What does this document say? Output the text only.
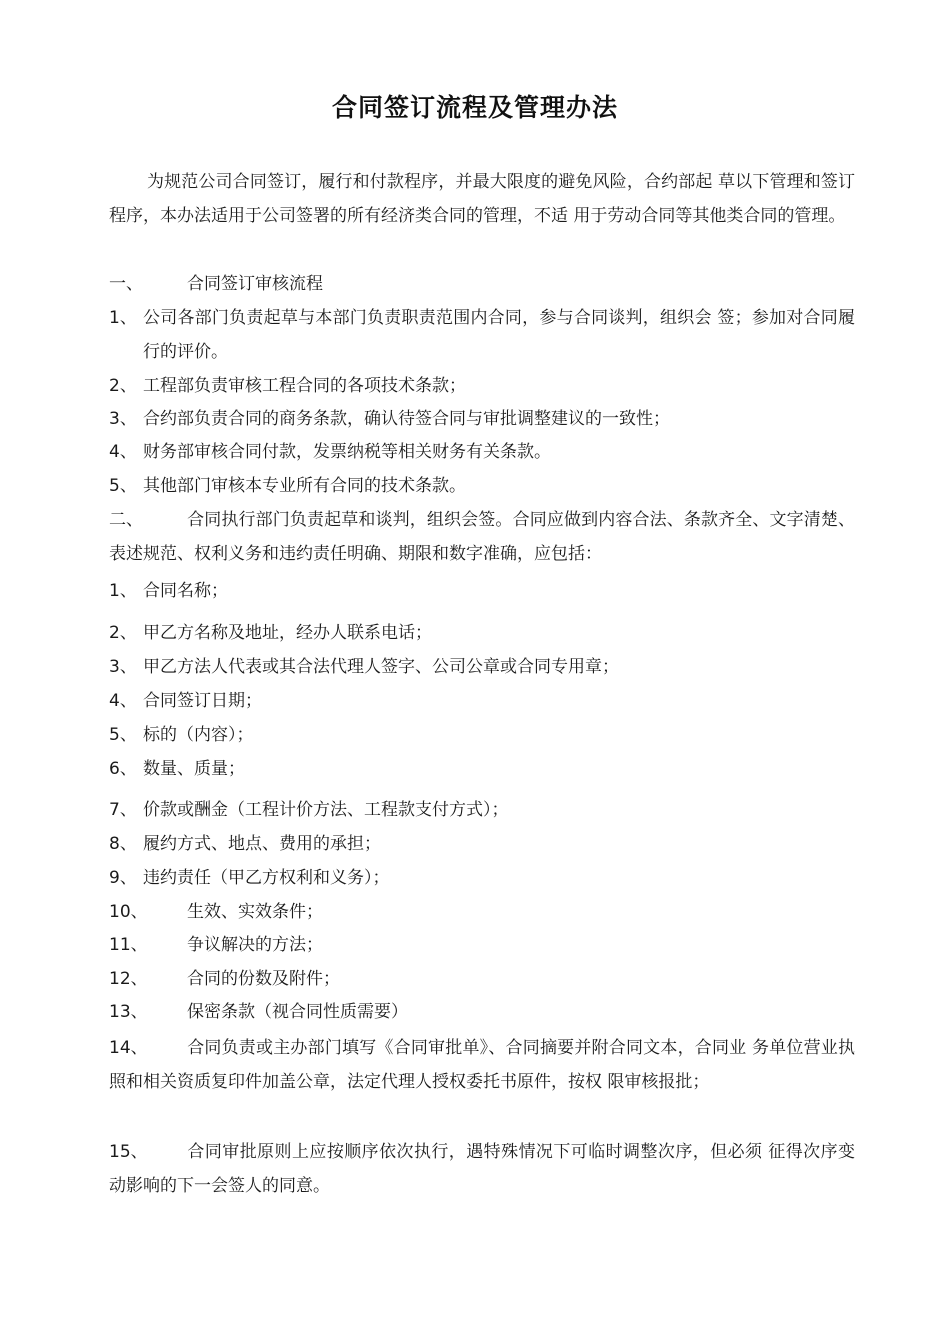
合同签订流程及管理办法
为规范公司合同签订，履行和付款程序，并最大限度的避免风险，合约部起 草以下管理和签订程序，本办法适用于公司签署的所有经济类合同的管理，不适 用于劳动合同等其他类合同的管理。
一、	合同签订审核流程
1、 公司各部门负责起草与本部门负责职责范围内合同，参与合同谈判，组织会 签；参加对合同履行的评价。
2、 工程部负责审核工程合同的各项技术条款；
3、 合约部负责合同的商务条款，确认待签合同与审批调整建议的一致性；
4、 财务部审核合同付款，发票纳税等相关财务有关条款。
5、 其他部门审核本专业所有合同的技术条款。
二、	合同执行部门负责起草和谈判，组织会签。合同应做到内容合法、条款齐全、文字清楚、表述规范、权利义务和违约责任明确、期限和数字准确，应包括：
1、 合同名称；
2、 甲乙方名称及地址，经办人联系电话；
3、 甲乙方法人代表或其合法代理人签字、公司公章或合同专用章；
4、 合同签订日期；
5、 标的（内容）；
6、 数量、质量；
7、 价款或酬金（工程计价方法、工程款支付方式）；
8、 履约方式、地点、费用的承担；
9、 违约责任（甲乙方权利和义务）；
10、 生效、实效条件；
11、 争议解决的方法；
12、 合同的份数及附件；
13、 保密条款（视合同性质需要）
14、 合同负责或主办部门填写《合同审批单》、合同摘要并附合同文本，合同业 务单位营业执照和相关资质复印件加盖公章，法定代理人授权委托书原件，按权 限审核报批；
15、 合同审批原则上应按顺序依次执行，遇特殊情况下可临时调整次序，但必须 征得次序变动影响的下一会签人的同意。
